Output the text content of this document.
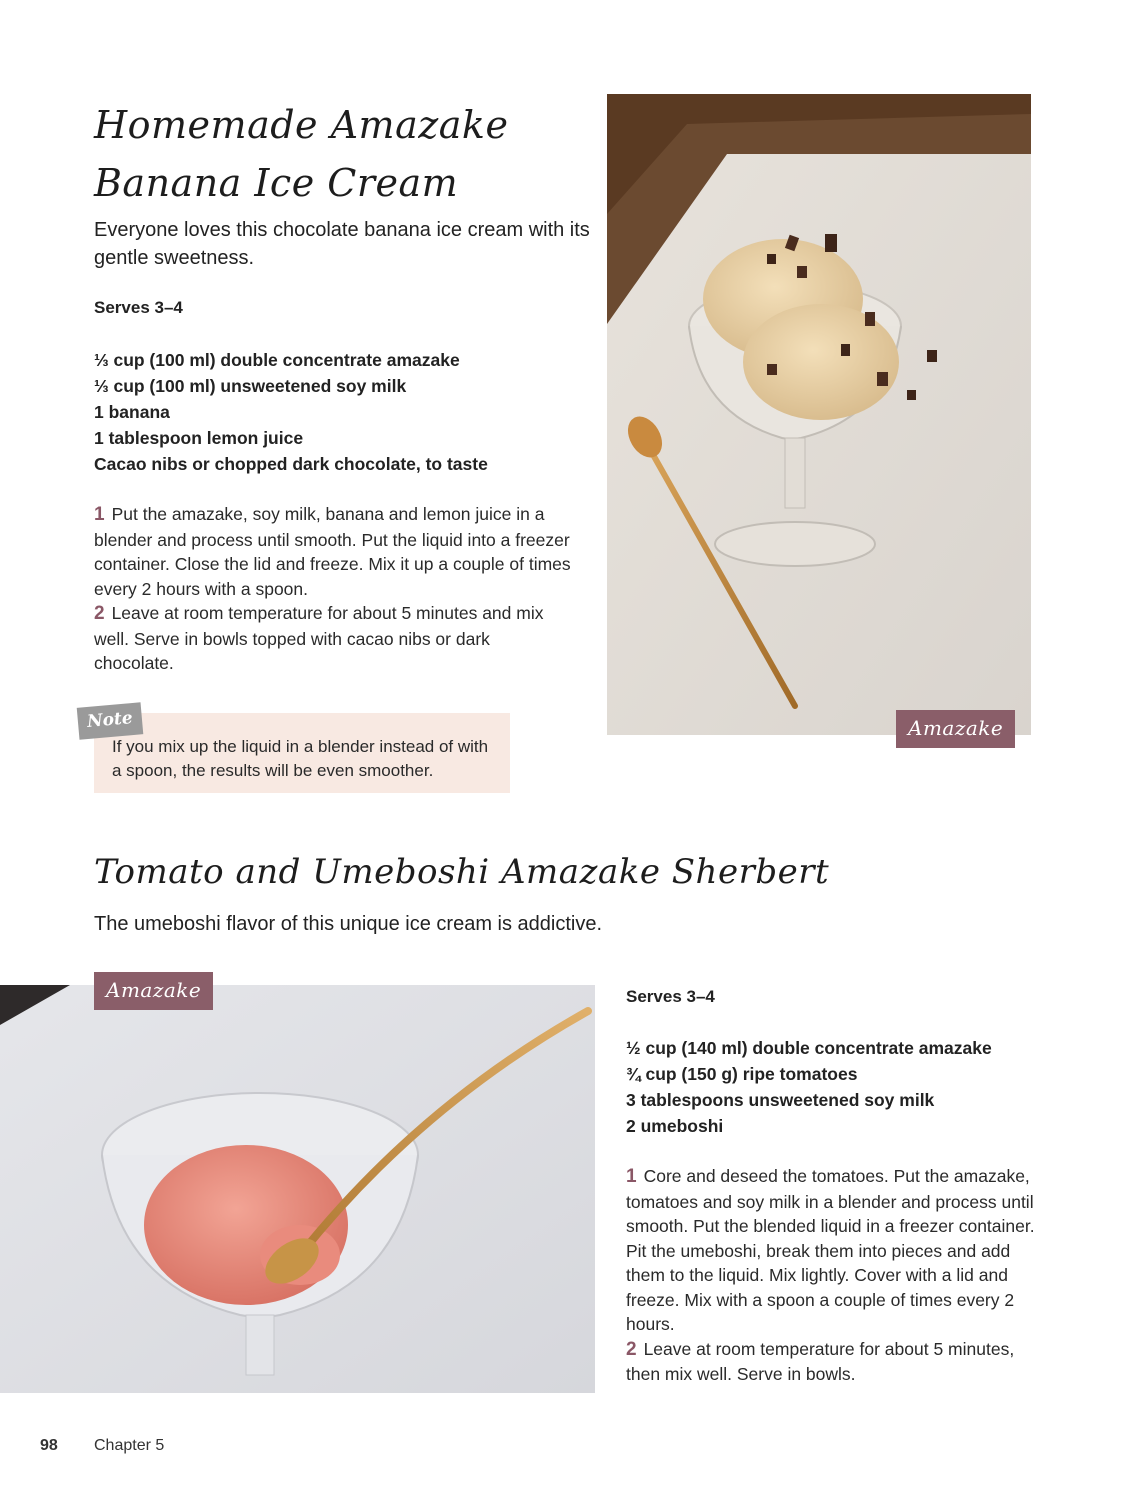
Homemade Amazake
Banana Ice Cream

Everyone loves this chocolate banana ice cream with its gentle sweetness.

Serves 3–4

⅓ cup (100 ml) double concentrate amazake
⅓ cup (100 ml) unsweetened soy milk
1 banana
1 tablespoon lemon juice
Cacao nibs or chopped dark chocolate, to taste

1 Put the amazake, soy milk, banana and lemon juice in a blender and process until smooth. Put the liquid into a freezer container. Close the lid and freeze. Mix it up a couple of times every 2 hours with a spoon.

2 Leave at room temperature for about 5 minutes and mix well. Serve in bowls topped with cacao nibs or dark chocolate.

Note

If you mix up the liquid in a blender instead of with a spoon, the results will be even smoother.

Amazake
Tomato and Umeboshi Amazake Sherbert

The umeboshi flavor of this unique ice cream is addictive.

Amazake	Serves 3–4

½ cup (140 ml) double concentrate amazake
¾ cup (150 g) ripe tomatoes
3 tablespoons unsweetened soy milk
2 umeboshi

1 Core and deseed the tomatoes. Put the amazake, tomatoes and soy milk in a blender and process until smooth. Put the blended liquid in a freezer container. Pit the umeboshi, break them into pieces and add them to the liquid. Mix lightly. Cover with a lid and freeze. Mix with a spoon a couple of times every 2 hours.

2 Leave at room temperature for about 5 minutes, then mix well. Serve in bowls.

98 Chapter 5
